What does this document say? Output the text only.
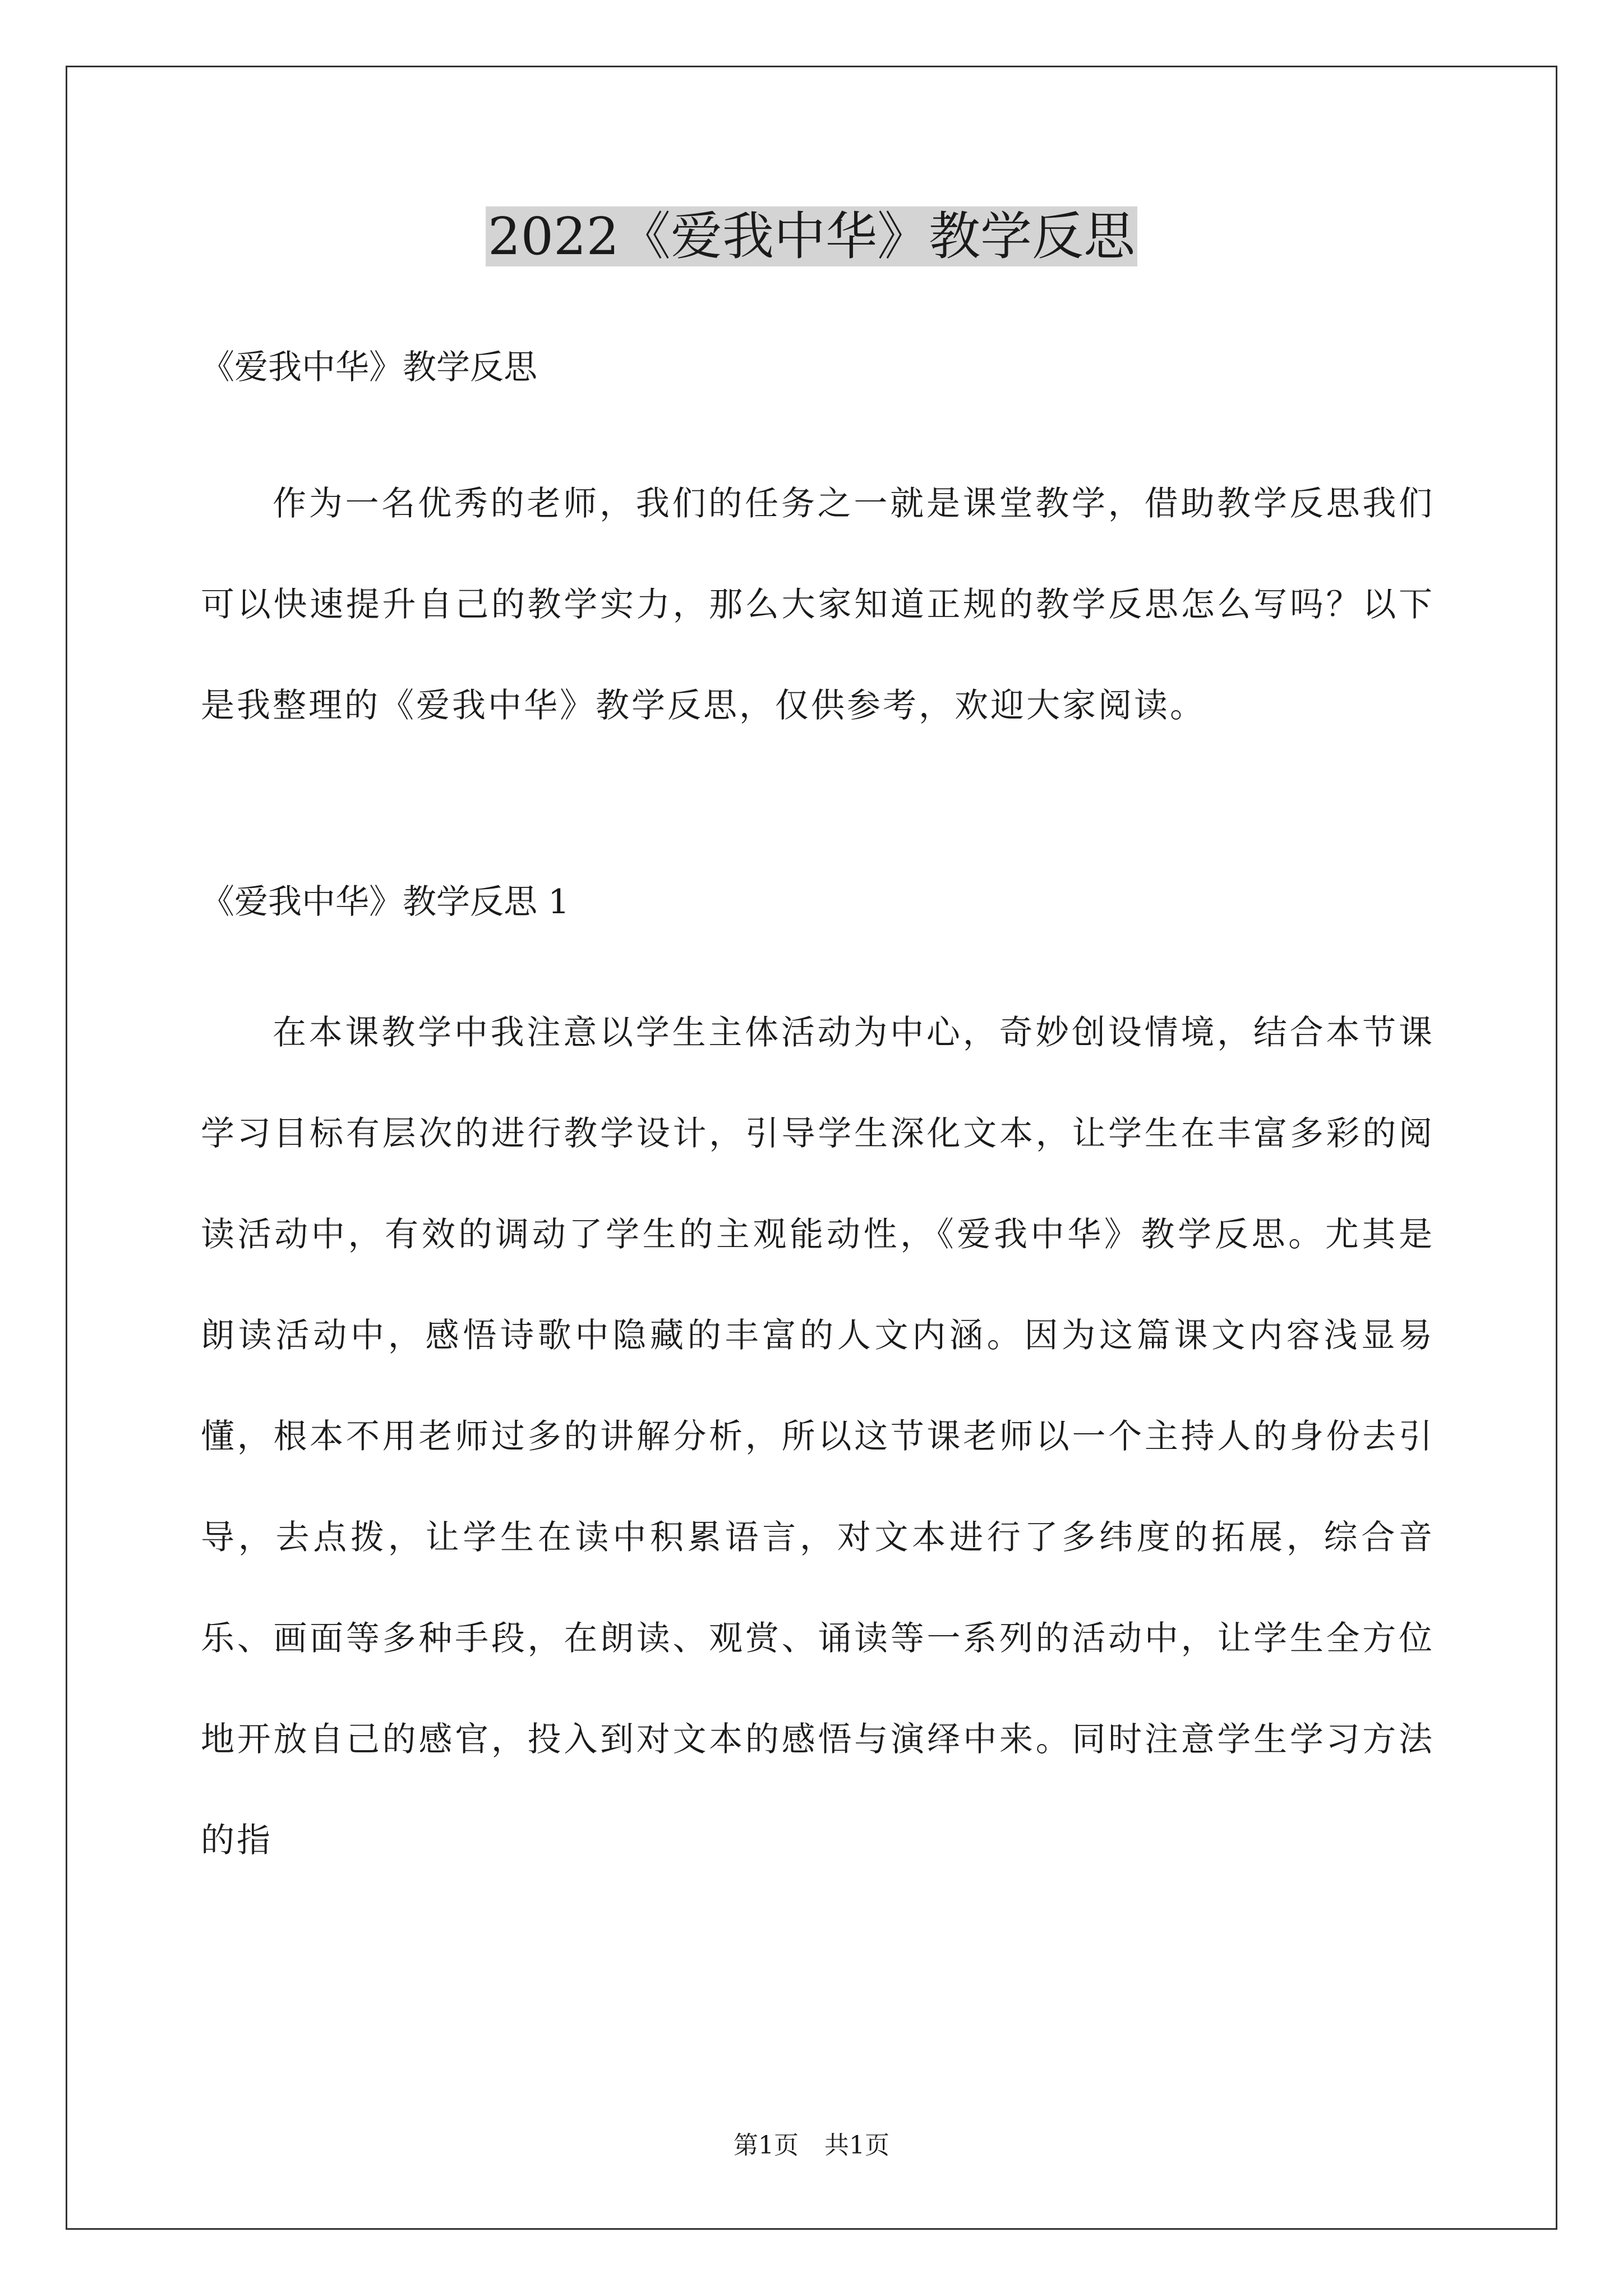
2022《爱我中华》教学反思

《爱我中华》教学反思

作为一名优秀的老师，我们的任务之一就是课堂教学，借助教学反思我们可以快速提升自己的教学实力，那么大家知道正规的教学反思怎么写吗？以下是我整理的《爱我中华》教学反思，仅供参考，欢迎大家阅读。

《爱我中华》教学反思 1

在本课教学中我注意以学生主体活动为中心，奇妙创设情境，结合本节课学习目标有层次的进行教学设计，引导学生深化文本，让学生在丰富多彩的阅读活动中，有效的调动了学生的主观能动性，《爱我中华》教学反思。尤其是朗读活动中，感悟诗歌中隐藏的丰富的人文内涵。因为这篇课文内容浅显易懂，根本不用老师过多的讲解分析，所以这节课老师以一个主持人的身份去引导，去点拨，让学生在读中积累语言，对文本进行了多纬度的拓展，综合音乐、画面等多种手段，在朗读、观赏、诵读等一系列的活动中，让学生全方位地开放自己的感官，投入到对文本的感悟与演绎中来。同时注意学生学习方法的指

第1页 共1页
